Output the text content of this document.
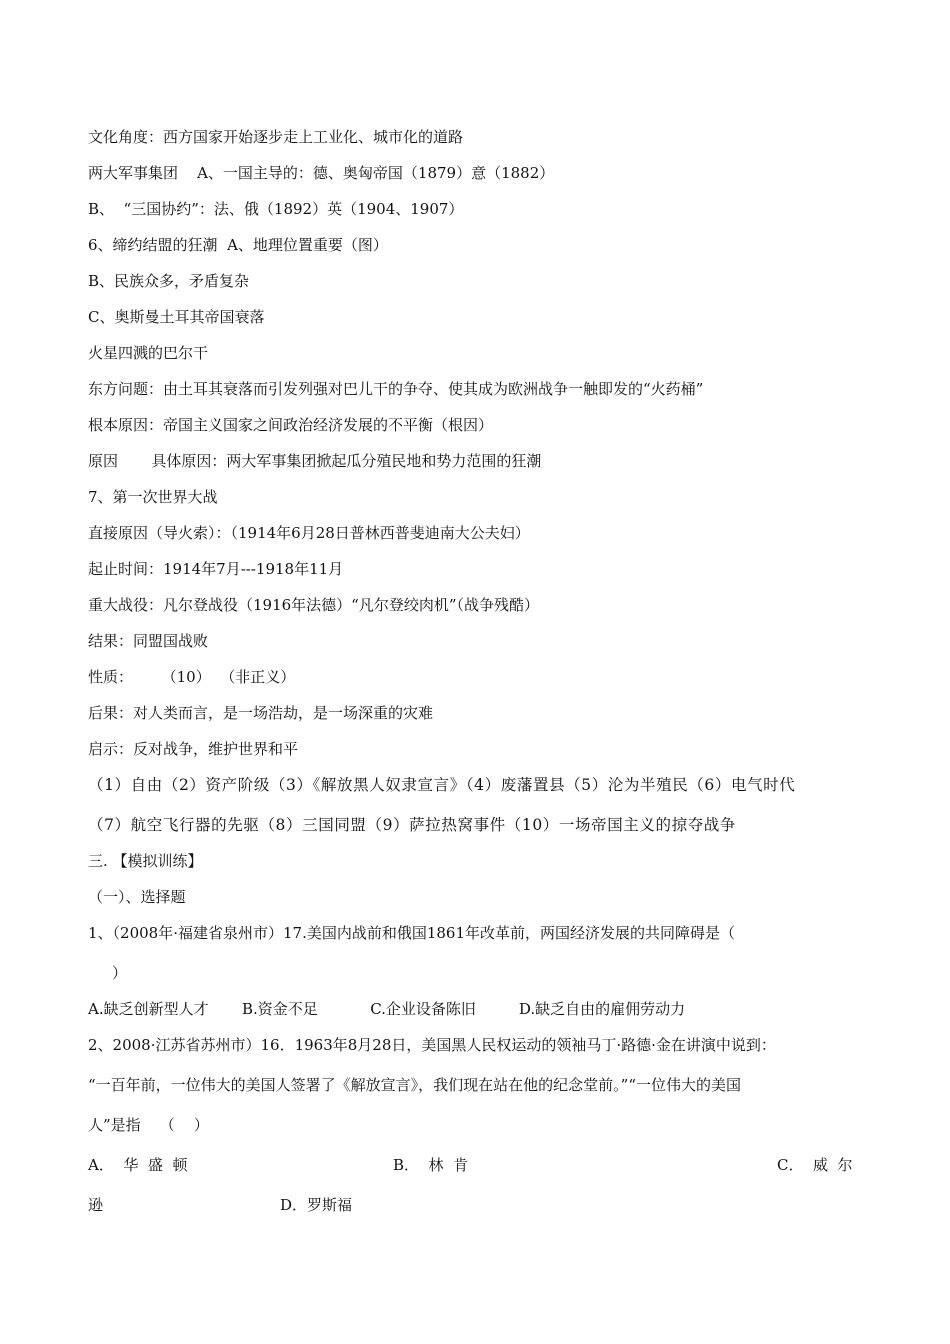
文化角度：西方国家开始逐步走上工业化、城市化的道路
两大军事集团    A、一国主导的：德、奥匈帝国（1879）意（1882）
B、  “三国协约”：法、俄（1892）英（1904、1907）
6、缔约结盟的狂潮  A、地理位置重要（图）
B、民族众多，矛盾复杂
C、奥斯曼土耳其帝国衰落
火星四溅的巴尔干
东方问题：由土耳其衰落而引发列强对巴儿干的争夺、使其成为欧洲战争一触即发的“火药桶”
根本原因：帝国主义国家之间政治经济发展的不平衡（根因）
原因       具体原因：两大军事集团掀起瓜分殖民地和势力范围的狂潮
7、第一次世界大战
直接原因（导火索）：（1914年6月28日普林西普斐迪南大公夫妇）
起止时间：1914年7月---1918年11月
重大战役：凡尔登战役（1916年法德）“凡尔登绞肉机”（战争残酷）
结果：同盟国战败
性质：      （10）  （非正义）
后果：对人类而言，是一场浩劫，是一场深重的灾难
启示：反对战争，维护世界和平
（1）自由（2）资产阶级（3）《解放黑人奴隶宣言》（4）废藩置县（5）沦为半殖民（6）电气时代
（7）航空飞行器的先驱（8）三国同盟（9）萨拉热窝事件（10）一场帝国主义的掠夺战争
三. 【模拟训练】
（一）、选择题
1、（2008年·福建省泉州市）17.美国内战前和俄国1861年改革前，两国经济发展的共同障碍是（
）
A.缺乏创新型人才       B.资金不足           C.企业设备陈旧         D.缺乏自由的雇佣劳动力
2、2008·江苏省苏州市）16．1963年8月28日，美国黑人民权运动的领袖马丁·路德·金在讲演中说到：
“一百年前，一位伟大的美国人签署了《解放宣言》，我们现在站在他的纪念堂前。”“一位伟大的美国
人”是指    （    ）
A．  华  盛  顿	B．  林  肯	C．  威  尔
逊	D．罗斯福
